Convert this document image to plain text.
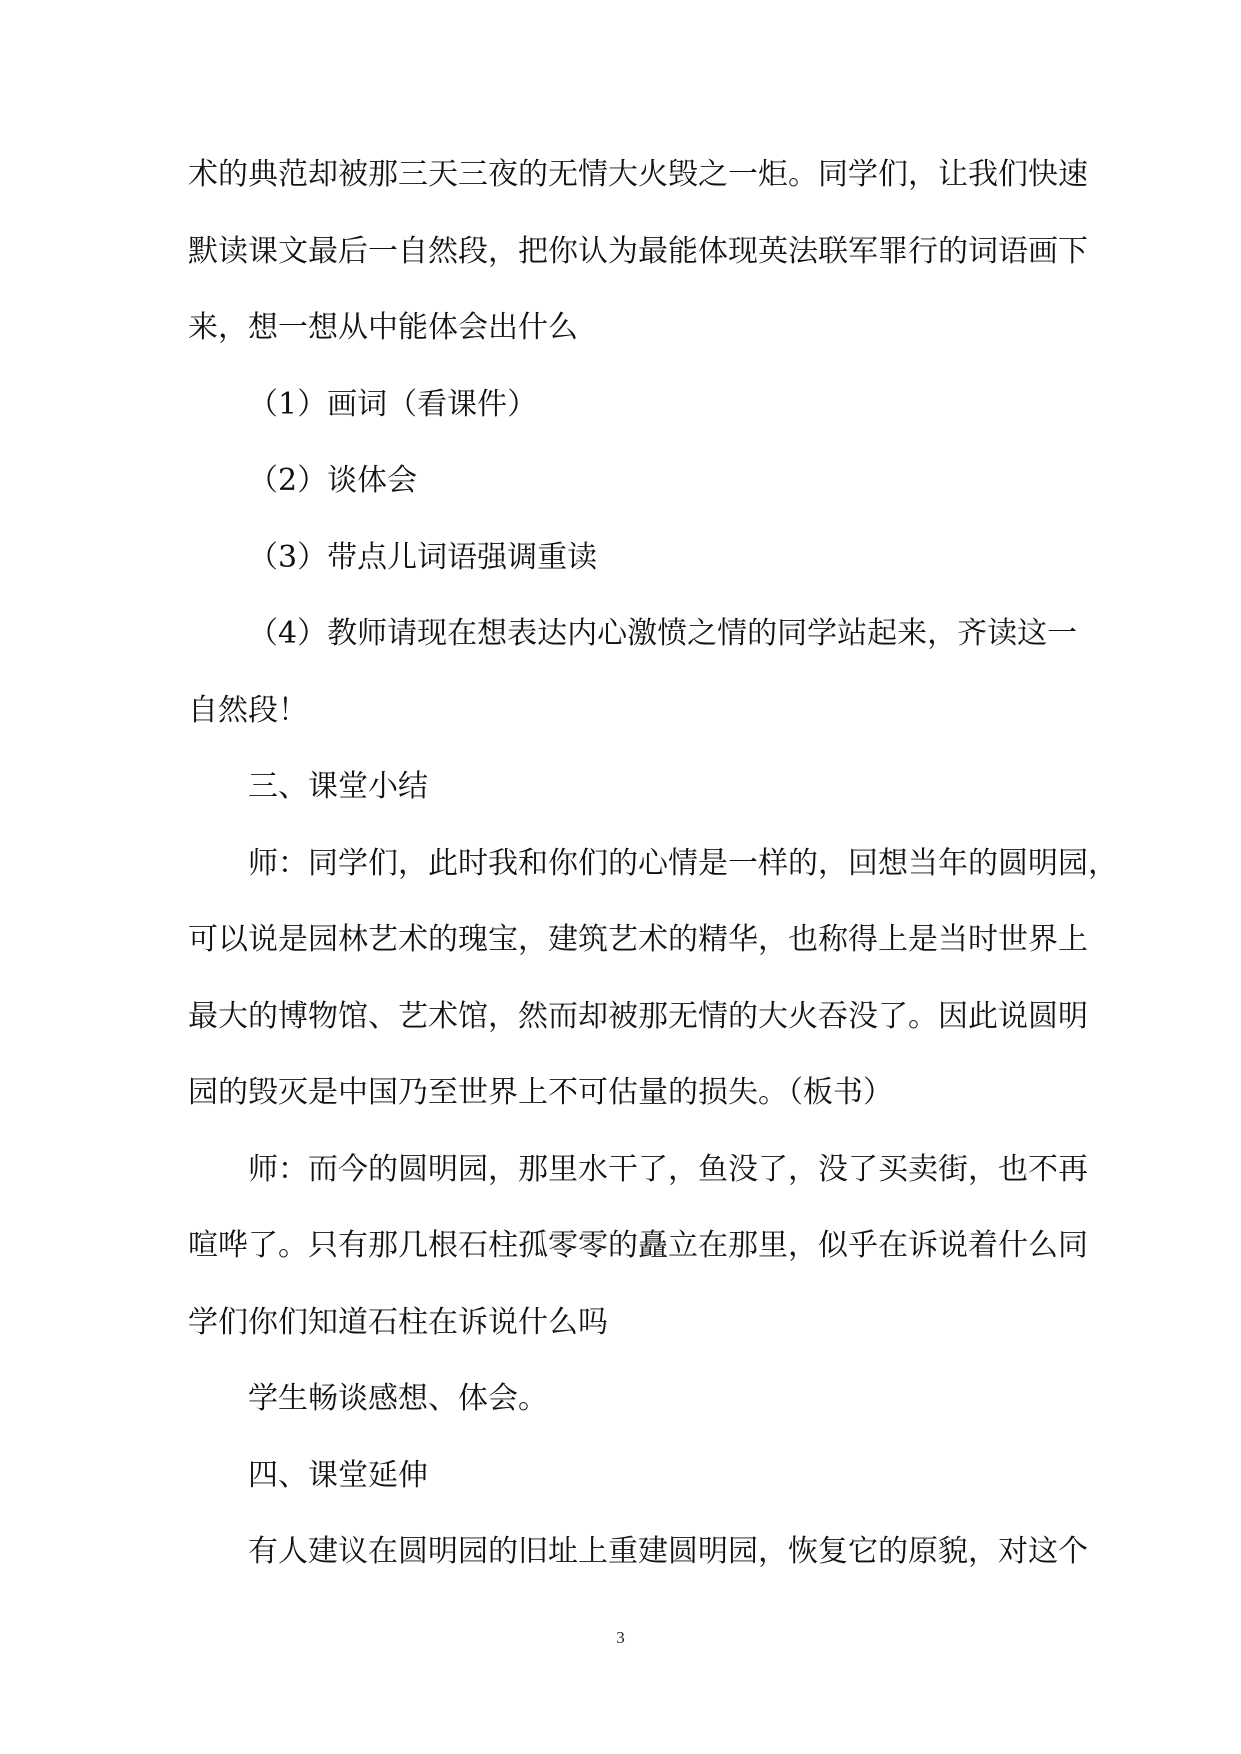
术的典范却被那三天三夜的无情大火毁之一炬。同学们，让我们快速
默读课文最后一自然段，把你认为最能体现英法联军罪行的词语画下
来，想一想从中能体会出什么
（1）画词（看课件）
（2）谈体会
（3）带点儿词语强调重读
（4）教师请现在想表达内心激愤之情的同学站起来，齐读这一
自然段！
三、课堂小结
师：同学们，此时我和你们的心情是一样的，回想当年的圆明园，
可以说是园林艺术的瑰宝，建筑艺术的精华，也称得上是当时世界上
最大的博物馆、艺术馆，然而却被那无情的大火吞没了。因此说圆明
园的毁灭是中国乃至世界上不可估量的损失。（板书）
师：而今的圆明园，那里水干了，鱼没了，没了买卖街，也不再
喧哗了。只有那几根石柱孤零零的矗立在那里，似乎在诉说着什么同
学们你们知道石柱在诉说什么吗
学生畅谈感想、体会。
四、课堂延伸
有人建议在圆明园的旧址上重建圆明园，恢复它的原貌，对这个
3
